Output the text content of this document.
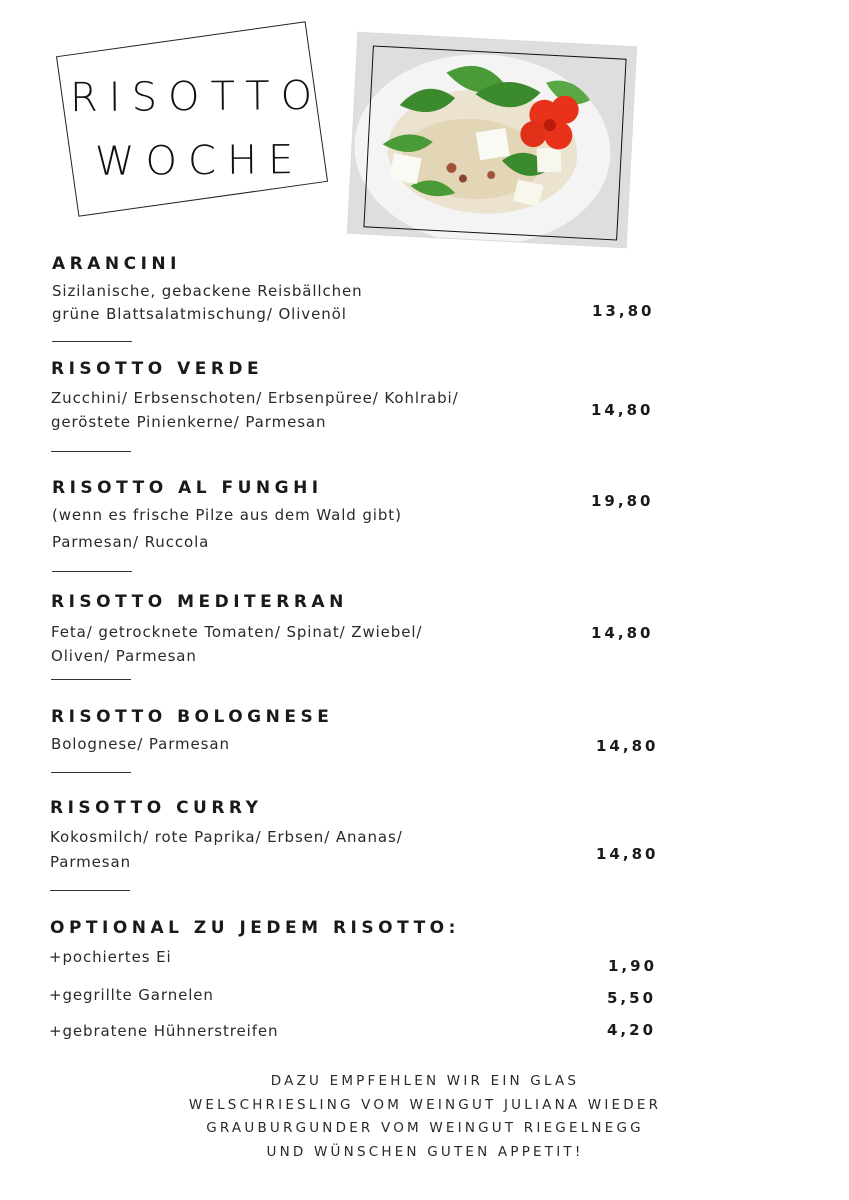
RISOTTO
WOCHE
ARANCINI
Sizilanische, gebackene Reisbällchen
grüne Blattsalatmischung/ Olivenöl	13,80
RISOTTO VERDE
Zucchini/ Erbsenschoten/ Erbsenpüree/ Kohlrabi/
geröstete Pinienkerne/ Parmesan
14,80
RISOTTO AL FUNGHI
(wenn es frische Pilze aus dem Wald gibt)
Parmesan/ Ruccola
19,80
RISOTTO MEDITERRAN
Feta/ getrocknete Tomaten/ Spinat/ Zwiebel/
Oliven/ Parmesan
14,80
RISOTTO BOLOGNESE
Bolognese/ Parmesan	14,80
RISOTTO CURRY
Kokosmilch/ rote Paprika/ Erbsen/ Ananas/
Parmesan	14,80
OPTIONAL ZU JEDEM RISOTTO:
+pochiertes Ei	1,90
+gegrillte Garnelen	5,50
+gebratene Hühnerstreifen	4,20
DAZU EMPFEHLEN WIR EIN GLAS
WELSCHRIESLING VOM WEINGUT JULIANA WIEDER
GRAUBURGUNDER VOM WEINGUT RIEGELNEGG
UND WÜNSCHEN GUTEN APPETIT!
